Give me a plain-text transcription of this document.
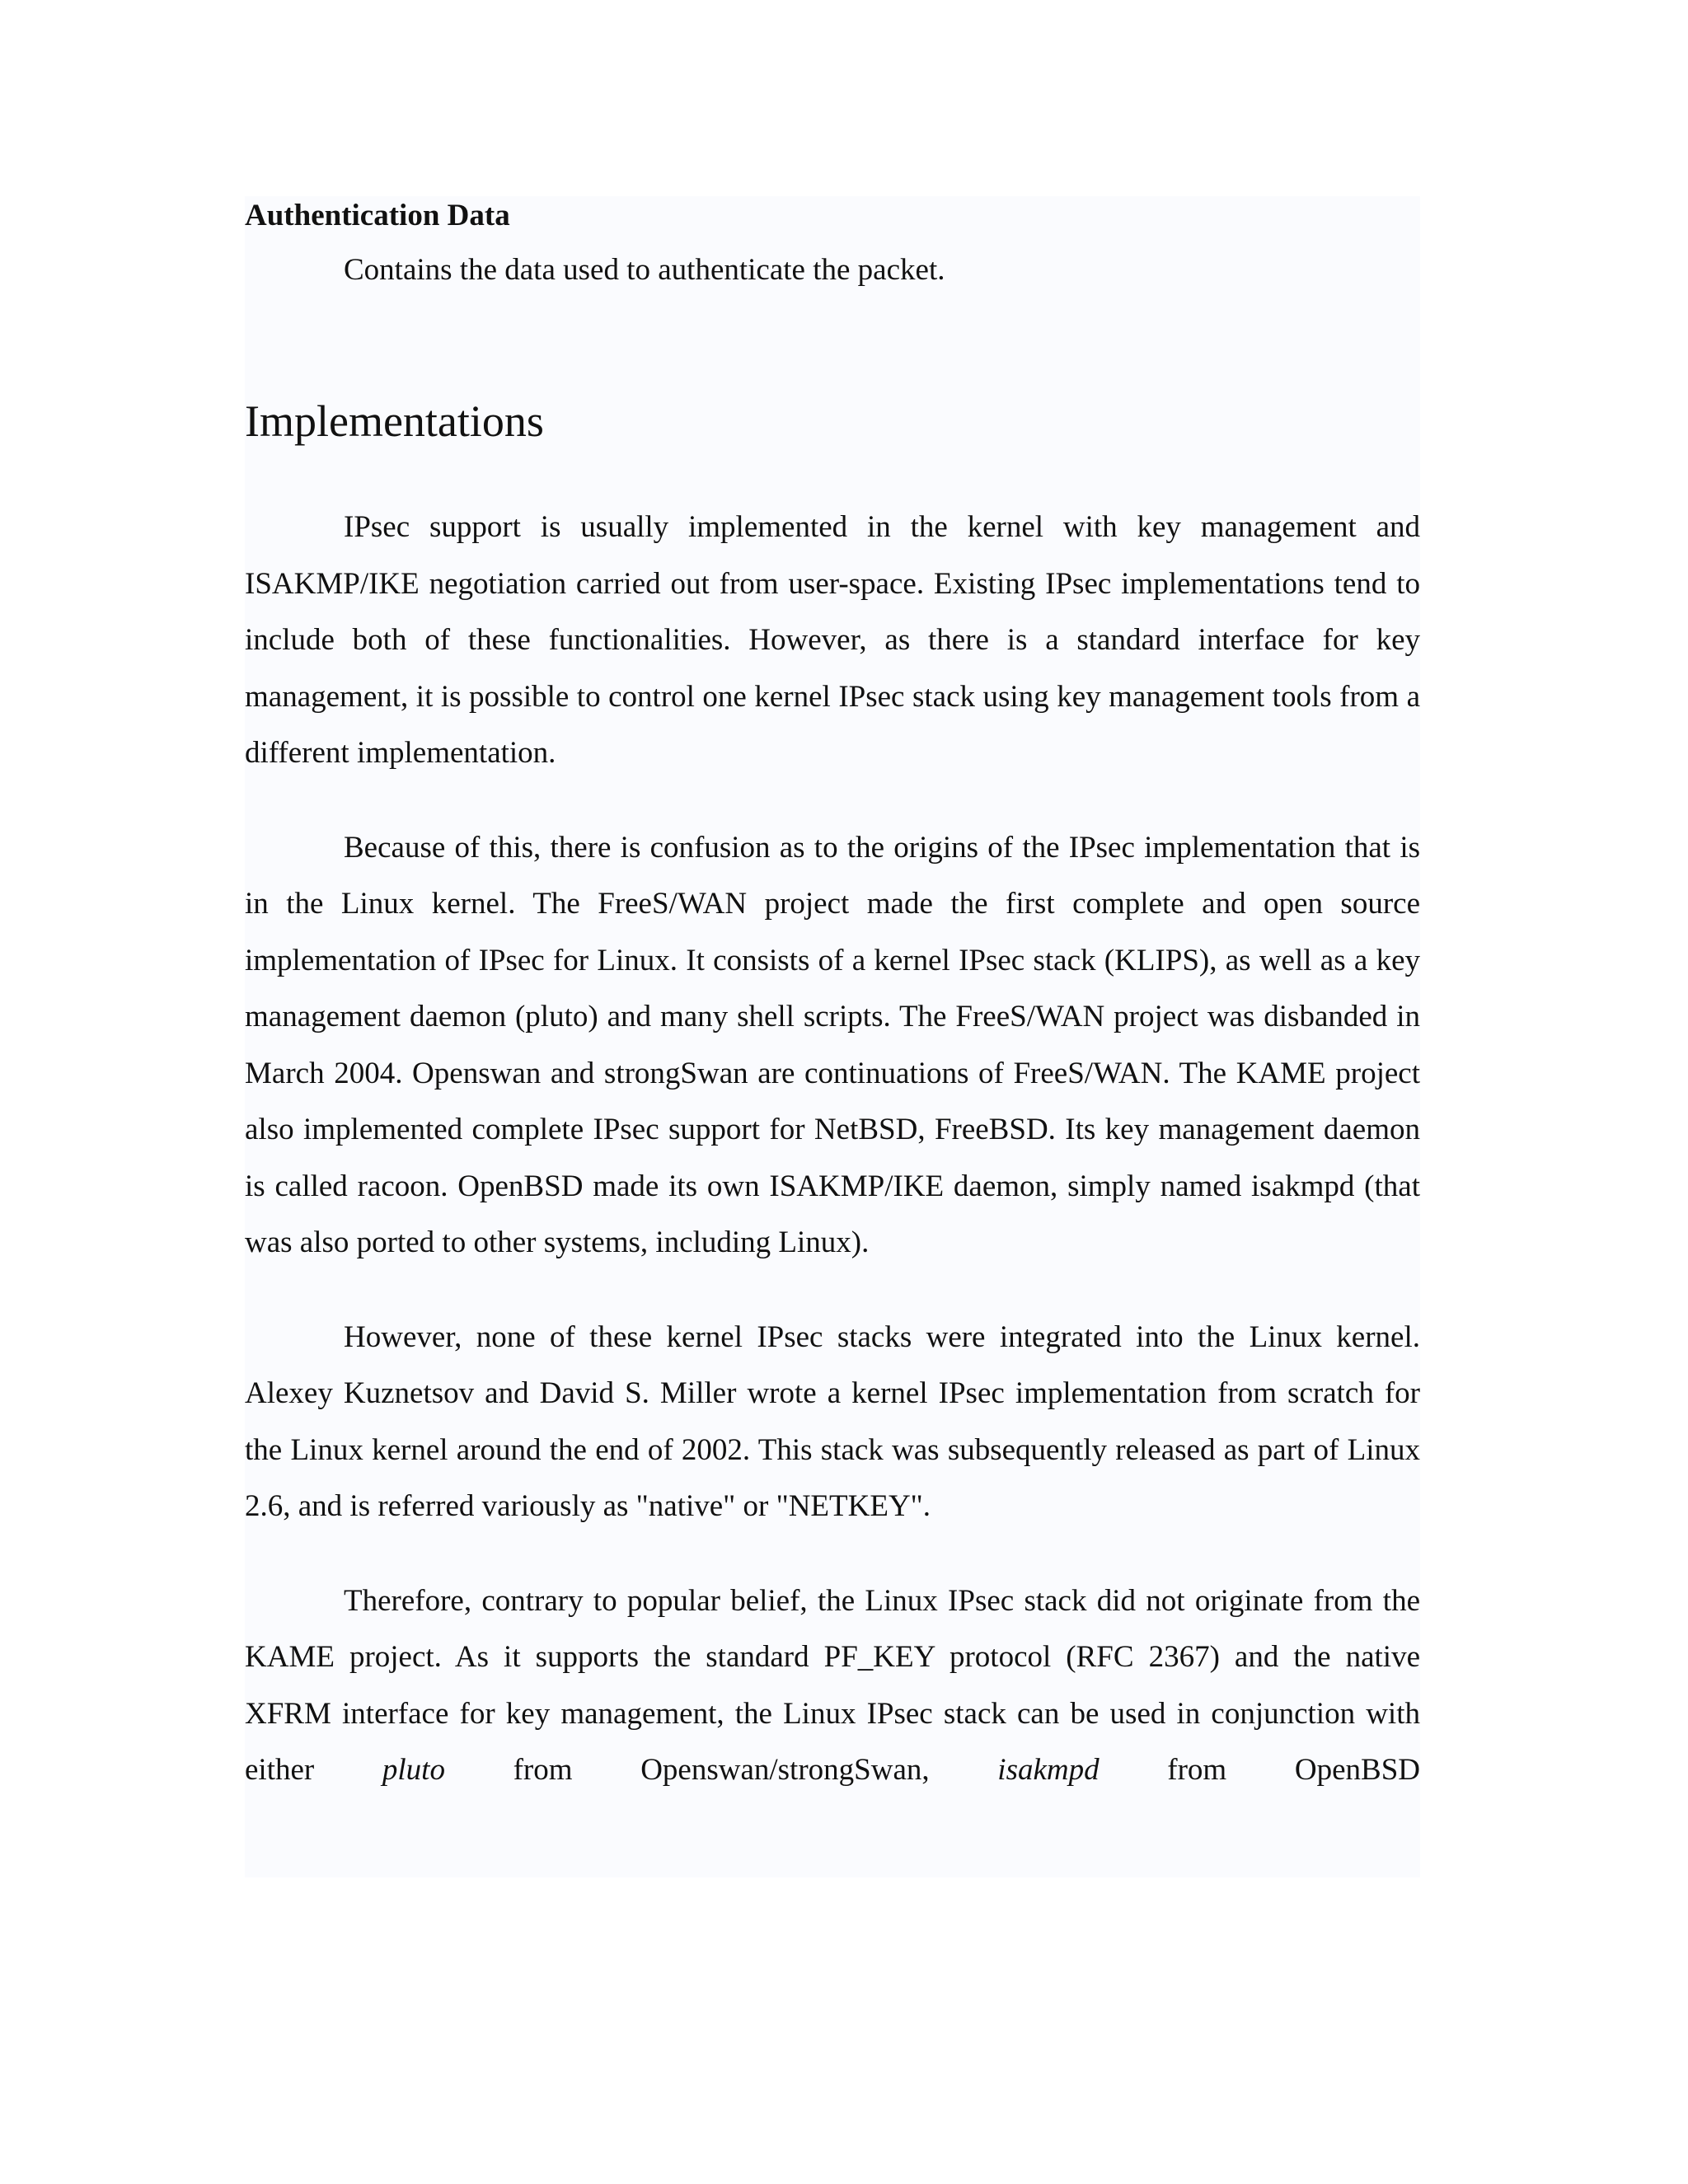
Authentication Data

Contains the data used to authenticate the packet.

Implementations

IPsec support is usually implemented in the kernel with key management and ISAKMP/IKE negotiation carried out from user-space. Existing IPsec implementations tend to include both of these functionalities. However, as there is a standard interface for key management, it is possible to control one kernel IPsec stack using key management tools from a different implementation.

Because of this, there is confusion as to the origins of the IPsec implementation that is in the Linux kernel. The FreeS/WAN project made the first complete and open source implementation of IPsec for Linux. It consists of a kernel IPsec stack (KLIPS), as well as a key management daemon (pluto) and many shell scripts. The FreeS/WAN project was disbanded in March 2004. Openswan and strongSwan are continuations of FreeS/WAN. The KAME project also implemented complete IPsec support for NetBSD, FreeBSD. Its key management daemon is called racoon. OpenBSD made its own ISAKMP/IKE daemon, simply named isakmpd (that was also ported to other systems, including Linux).

However, none of these kernel IPsec stacks were integrated into the Linux kernel. Alexey Kuznetsov and David S. Miller wrote a kernel IPsec implementation from scratch for the Linux kernel around the end of 2002. This stack was subsequently released as part of Linux 2.6, and is referred variously as "native" or "NETKEY".

Therefore, contrary to popular belief, the Linux IPsec stack did not originate from the KAME project. As it supports the standard PF_KEY protocol (RFC 2367) and the native XFRM interface for key management, the Linux IPsec stack can be used in conjunction with either pluto from Openswan/strongSwan, isakmpd from OpenBSD
